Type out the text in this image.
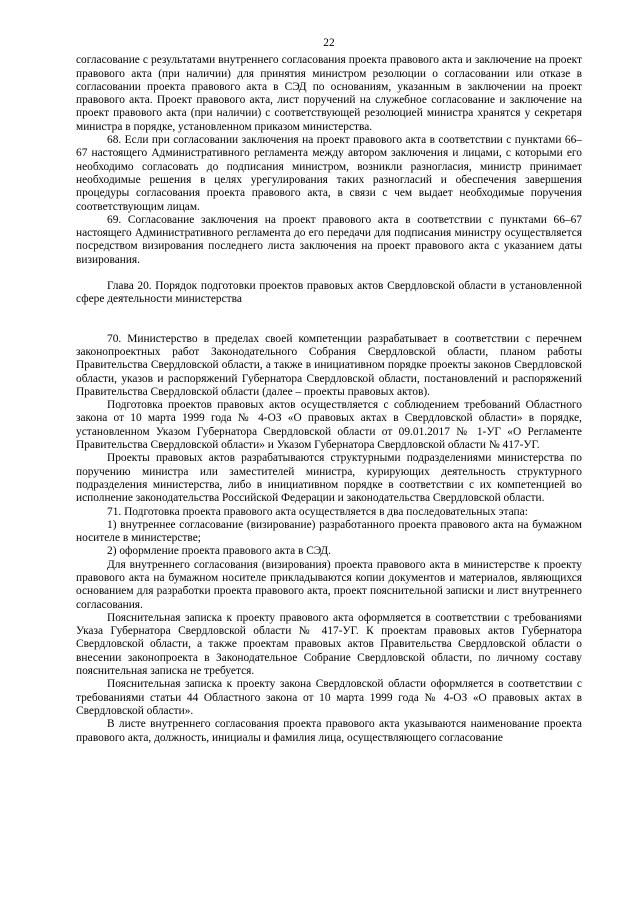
22

согласование с результатами внутреннего согласования проекта правового акта и заключение на проект правового акта (при наличии) для принятия министром резолюции о согласовании или отказе в согласовании проекта правового акта в СЭД по основаниям, указанным в заключении на проект правового акта. Проект правового акта, лист поручений на служебное согласование и заключение на проект правового акта (при наличии) с соответствующей резолюцией министра хранятся у секретаря министра в порядке, установленном приказом министерства.

68. Если при согласовании заключения на проект правового акта в соответствии с пунктами 66–67 настоящего Административного регламента между автором заключения и лицами, с которыми его необходимо согласовать до подписания министром, возникли разногласия, министр принимает необходимые решения в целях урегулирования таких разногласий и обеспечения завершения процедуры согласования проекта правового акта, в связи с чем выдает необходимые поручения соответствующим лицам.

69. Согласование заключения на проект правового акта в соответствии с пунктами 66–67 настоящего Административного регламента до его передачи для подписания министру осуществляется посредством визирования последнего листа заключения на проект правового акта с указанием даты визирования.

Глава 20. Порядок подготовки проектов правовых актов Свердловской области в установленной сфере деятельности министерства

70. Министерство в пределах своей компетенции разрабатывает в соответствии с перечнем законопроектных работ Законодательного Собрания Свердловской области, планом работы Правительства Свердловской области, а также в инициативном порядке проекты законов Свердловской области, указов и распоряжений Губернатора Свердловской области, постановлений и распоряжений Правительства Свердловской области (далее – проекты правовых актов).

Подготовка проектов правовых актов осуществляется с соблюдением требований Областного закона от 10 марта 1999 года № 4-ОЗ «О правовых актах в Свердловской области» в порядке, установленном Указом Губернатора Свердловской области от 09.01.2017 № 1-УГ «О Регламенте Правительства Свердловской области» и Указом Губернатора Свердловской области № 417-УГ.

Проекты правовых актов разрабатываются структурными подразделениями министерства по поручению министра или заместителей министра, курирующих деятельность структурного подразделения министерства, либо в инициативном порядке в соответствии с их компетенцией во исполнение законодательства Российской Федерации и законодательства Свердловской области.

71. Подготовка проекта правового акта осуществляется в два последовательных этапа:

1) внутреннее согласование (визирование) разработанного проекта правового акта на бумажном носителе в министерстве;

2) оформление проекта правового акта в СЭД.

Для внутреннего согласования (визирования) проекта правового акта в министерстве к проекту правового акта на бумажном носителе прикладываются копии документов и материалов, являющихся основанием для разработки проекта правового акта, проект пояснительной записки и лист внутреннего согласования.

Пояснительная записка к проекту правового акта оформляется в соответствии с требованиями Указа Губернатора Свердловской области № 417-УГ. К проектам правовых актов Губернатора Свердловской области, а также проектам правовых актов Правительства Свердловской области о внесении законопроекта в Законодательное Собрание Свердловской области, по личному составу пояснительная записка не требуется.

Пояснительная записка к проекту закона Свердловской области оформляется в соответствии с требованиями статьи 44 Областного закона от 10 марта 1999 года № 4-ОЗ «О правовых актах в Свердловской области».

В листе внутреннего согласования проекта правового акта указываются наименование проекта правового акта, должность, инициалы и фамилия лица, осуществляющего согласование
